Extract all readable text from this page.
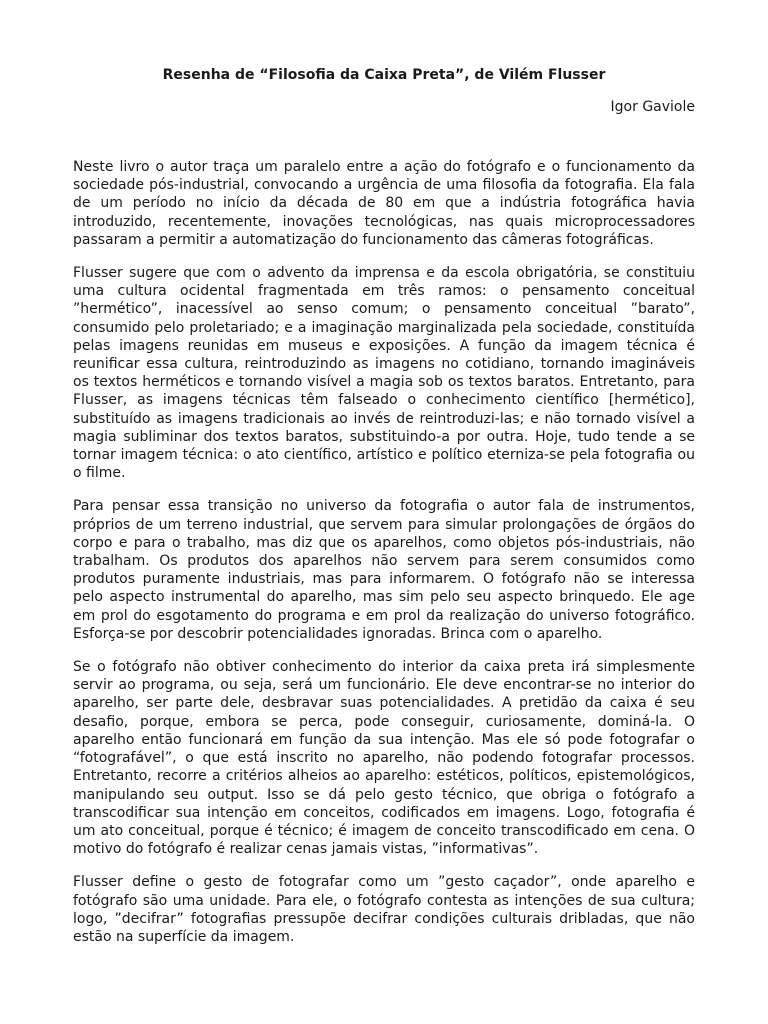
Resenha de “Filosofia da Caixa Preta”, de Vilém Flusser

Igor Gaviole

Neste livro o autor traça um paralelo entre a ação do fotógrafo e o funcionamento da sociedade pós-industrial, convocando a urgência de uma filosofia da fotografia. Ela fala de um período no início da década de 80 em que a indústria fotográfica havia introduzido, recentemente, inovações tecnológicas, nas quais microprocessadores passaram a permitir a automatização do funcionamento das câmeras fotográficas.

Flusser sugere que com o advento da imprensa e da escola obrigatória, se constituiu uma cultura ocidental fragmentada em três ramos: o pensamento conceitual ”hermético”, inacessível ao senso comum; o pensamento conceitual ”barato”, consumido pelo proletariado; e a imaginação marginalizada pela sociedade, constituída pelas imagens reunidas em museus e exposições. A função da imagem técnica é reunificar essa cultura, reintroduzindo as imagens no cotidiano, tornando imagináveis os textos herméticos e tornando visível a magia sob os textos baratos. Entretanto, para Flusser, as imagens técnicas têm falseado o conhecimento científico [hermético], substituído as imagens tradicionais ao invés de reintroduzi-las; e não tornado visível a magia subliminar dos textos baratos, substituindo-a por outra. Hoje, tudo tende a se tornar imagem técnica: o ato científico, artístico e político eterniza-se pela fotografia ou o filme.

Para pensar essa transição no universo da fotografia o autor fala de instrumentos, próprios de um terreno industrial, que servem para simular prolongações de órgãos do corpo e para o trabalho, mas diz que os aparelhos, como objetos pós-industriais, não trabalham. Os produtos dos aparelhos não servem para serem consumidos como produtos puramente industriais, mas para informarem. O fotógrafo não se interessa pelo aspecto instrumental do aparelho, mas sim pelo seu aspecto brinquedo. Ele age em prol do esgotamento do programa e em prol da realização do universo fotográfico. Esforça-se por descobrir potencialidades ignoradas. Brinca com o aparelho.

Se o fotógrafo não obtiver conhecimento do interior da caixa preta irá simplesmente servir ao programa, ou seja, será um funcionário. Ele deve encontrar-se no interior do aparelho, ser parte dele, desbravar suas potencialidades. A pretidão da caixa é seu desafio, porque, embora se perca, pode conseguir, curiosamente, dominá-la. O aparelho então funcionará em função da sua intenção. Mas ele só pode fotografar o “fotografável”, o que está inscrito no aparelho, não podendo fotografar processos. Entretanto, recorre a critérios alheios ao aparelho: estéticos, políticos, epistemológicos, manipulando seu output. Isso se dá pelo gesto técnico, que obriga o fotógrafo a transcodificar sua intenção em conceitos, codificados em imagens. Logo, fotografia é um ato conceitual, porque é técnico; é imagem de conceito transcodificado em cena. O motivo do fotógrafo é realizar cenas jamais vistas, ”informativas”.

Flusser define o gesto de fotografar como um ”gesto caçador”, onde aparelho e fotógrafo são uma unidade. Para ele, o fotógrafo contesta as intenções de sua cultura; logo, ”decifrar” fotografias pressupõe decifrar condições culturais dribladas, que não estão na superfície da imagem.
